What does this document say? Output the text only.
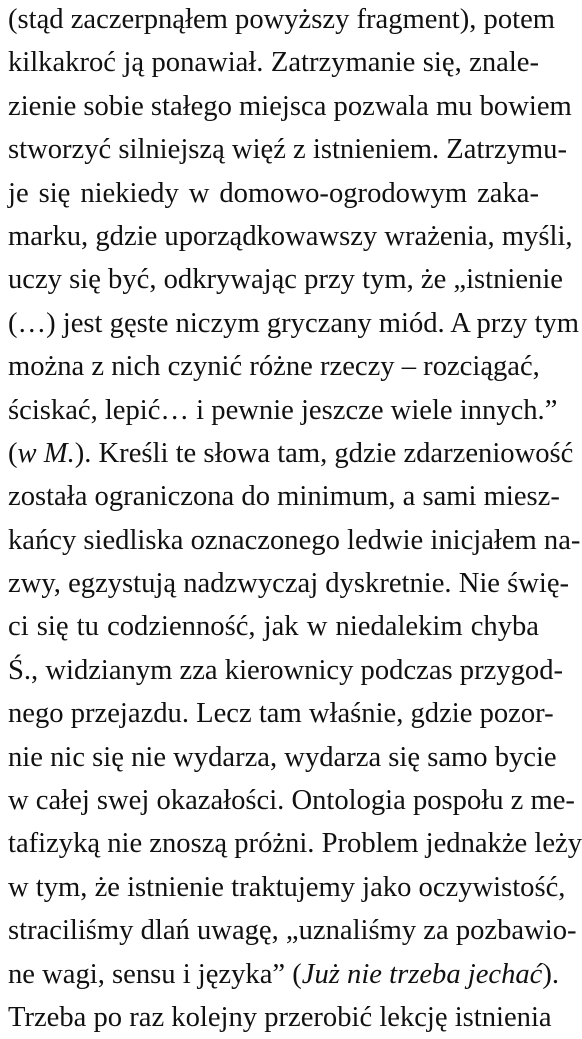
(stąd zaczerpnąłem powyższy fragment), potem
kilkakroć ją ponawiał. Zatrzymanie się, znale-
zienie sobie stałego miejsca pozwala mu bowiem
stworzyć silniejszą więź z istnieniem. Zatrzymu-
je się niekiedy w domowo-ogrodowym zaka-
marku, gdzie uporządkowawszy wrażenia, myśli,
uczy się być, odkrywając przy tym, że „istnienie
(…) jest gęste niczym gryczany miód. A przy tym
można z nich czynić różne rzeczy – rozciągać,
ściskać, lepić… i pewnie jeszcze wiele innych.”
(w M.). Kreśli te słowa tam, gdzie zdarzeniowość
została ograniczona do minimum, a sami miesz-
kańcy siedliska oznaczonego ledwie inicjałem na-
zwy, egzystują nadzwyczaj dyskretnie. Nie świę-
ci się tu codzienność, jak w niedalekim chyba
Ś., widzianym zza kierownicy podczas przygod-
nego przejazdu. Lecz tam właśnie, gdzie pozor-
nie nic się nie wydarza, wydarza się samo bycie
w całej swej okazałości. Ontologia pospołu z me-
tafizyką nie znoszą próżni. Problem jednakże leży
w tym, że istnienie traktujemy jako oczywistość,
straciliśmy dlań uwagę, „uznaliśmy za pozbawio-
ne wagi, sensu i języka” (Już nie trzeba jechać).
Trzeba po raz kolejny przerobić lekcję istnienia
